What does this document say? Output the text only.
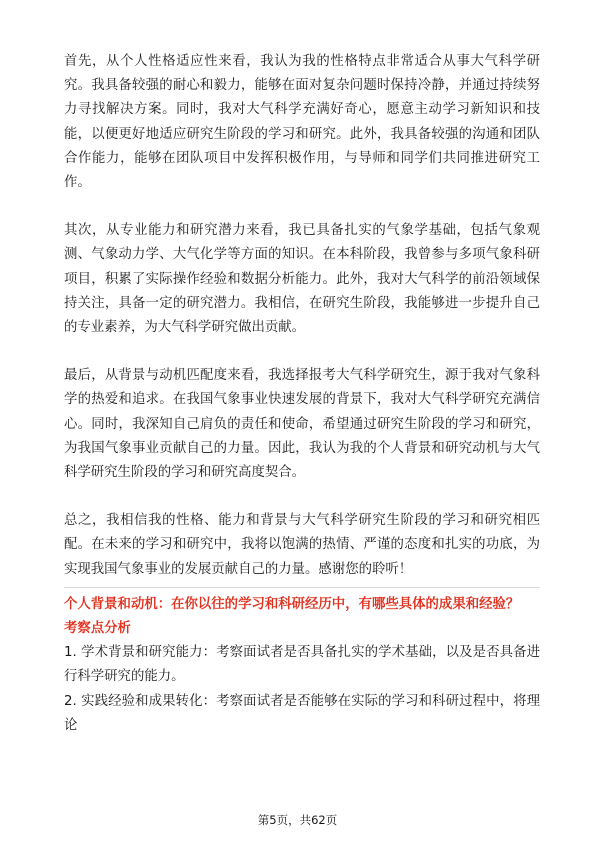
首先，从个人性格适应性来看，我认为我的性格特点非常适合从事大气科学研究。我具备较强的耐心和毅力，能够在面对复杂问题时保持冷静，并通过持续努力寻找解决方案。同时，我对大气科学充满好奇心，愿意主动学习新知识和技能，以便更好地适应研究生阶段的学习和研究。此外，我具备较强的沟通和团队合作能力，能够在团队项目中发挥积极作用，与导师和同学们共同推进研究工作。

其次，从专业能力和研究潜力来看，我已具备扎实的气象学基础，包括气象观测、气象动力学、大气化学等方面的知识。在本科阶段，我曾参与多项气象科研项目，积累了实际操作经验和数据分析能力。此外，我对大气科学的前沿领域保持关注，具备一定的研究潜力。我相信，在研究生阶段，我能够进一步提升自己的专业素养，为大气科学研究做出贡献。

最后，从背景与动机匹配度来看，我选择报考大气科学研究生，源于我对气象科学的热爱和追求。在我国气象事业快速发展的背景下，我对大气科学研究充满信心。同时，我深知自己肩负的责任和使命，希望通过研究生阶段的学习和研究，为我国气象事业贡献自己的力量。因此，我认为我的个人背景和研究动机与大气科学研究生阶段的学习和研究高度契合。

总之，我相信我的性格、能力和背景与大气科学研究生阶段的学习和研究相匹配。在未来的学习和研究中，我将以饱满的热情、严谨的态度和扎实的功底，为实现我国气象事业的发展贡献自己的力量。感谢您的聆听！

个人背景和动机：在你以往的学习和科研经历中，有哪些具体的成果和经验？

考察点分析

1. 学术背景和研究能力：考察面试者是否具备扎实的学术基础，以及是否具备进行科学研究的能力。

2. 实践经验和成果转化：考察面试者是否能够在实际的学习和科研过程中，将理论

第5页，共62页
